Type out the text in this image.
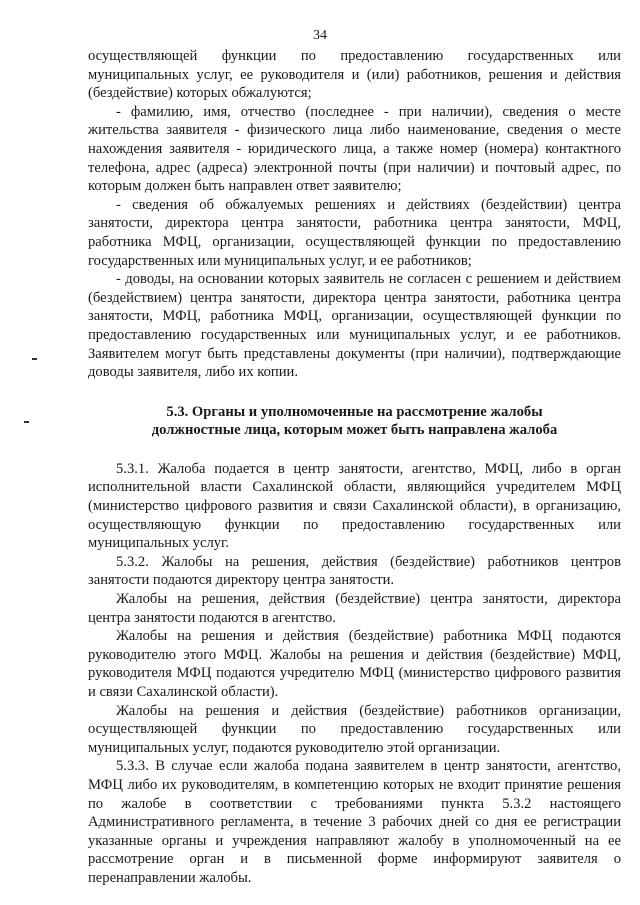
34

осуществляющей функции по предоставлению государственных или муниципальных услуг, ее руководителя и (или) работников, решения и действия (бездействие) которых обжалуются;

- фамилию, имя, отчество (последнее - при наличии), сведения о месте жительства заявителя - физического лица либо наименование, сведения о месте нахождения заявителя - юридического лица, а также номер (номера) контактного телефона, адрес (адреса) электронной почты (при наличии) и почтовый адрес, по которым должен быть направлен ответ заявителю;

- сведения об обжалуемых решениях и действиях (бездействии) центра занятости, директора центра занятости, работника центра занятости, МФЦ, работника МФЦ, организации, осуществляющей функции по предоставлению государственных или муниципальных услуг, и ее работников;

- доводы, на основании которых заявитель не согласен с решением и действием (бездействием) центра занятости, директора центра занятости, работника центра занятости, МФЦ, работника МФЦ, организации, осуществляющей функции по предоставлению государственных или муниципальных услуг, и ее работников. Заявителем могут быть представлены документы (при наличии), подтверждающие доводы заявителя, либо их копии.

5.3. Органы и уполномоченные на рассмотрение жалобы
должностные лица, которым может быть направлена жалоба

5.3.1. Жалоба подается в центр занятости, агентство, МФЦ, либо в орган исполнительной власти Сахалинской области, являющийся учредителем МФЦ (министерство цифрового развития и связи Сахалинской области), в организацию, осуществляющую функции по предоставлению государственных или муниципальных услуг.

5.3.2. Жалобы на решения, действия (бездействие) работников центров занятости подаются директору центра занятости.

Жалобы на решения, действия (бездействие) центра занятости, директора центра занятости подаются в агентство.

Жалобы на решения и действия (бездействие) работника МФЦ подаются руководителю этого МФЦ. Жалобы на решения и действия (бездействие) МФЦ, руководителя МФЦ подаются учредителю МФЦ (министерство цифрового развития и связи Сахалинской области).

Жалобы на решения и действия (бездействие) работников организации, осуществляющей функции по предоставлению государственных или муниципальных услуг, подаются руководителю этой организации.

5.3.3. В случае если жалоба подана заявителем в центр занятости, агентство, МФЦ либо их руководителям, в компетенцию которых не входит принятие решения по жалобе в соответствии с требованиями пункта 5.3.2 настоящего Административного регламента, в течение 3 рабочих дней со дня ее регистрации указанные органы и учреждения направляют жалобу в уполномоченный на ее рассмотрение орган и в письменной форме информируют заявителя о перенаправлении жалобы.
